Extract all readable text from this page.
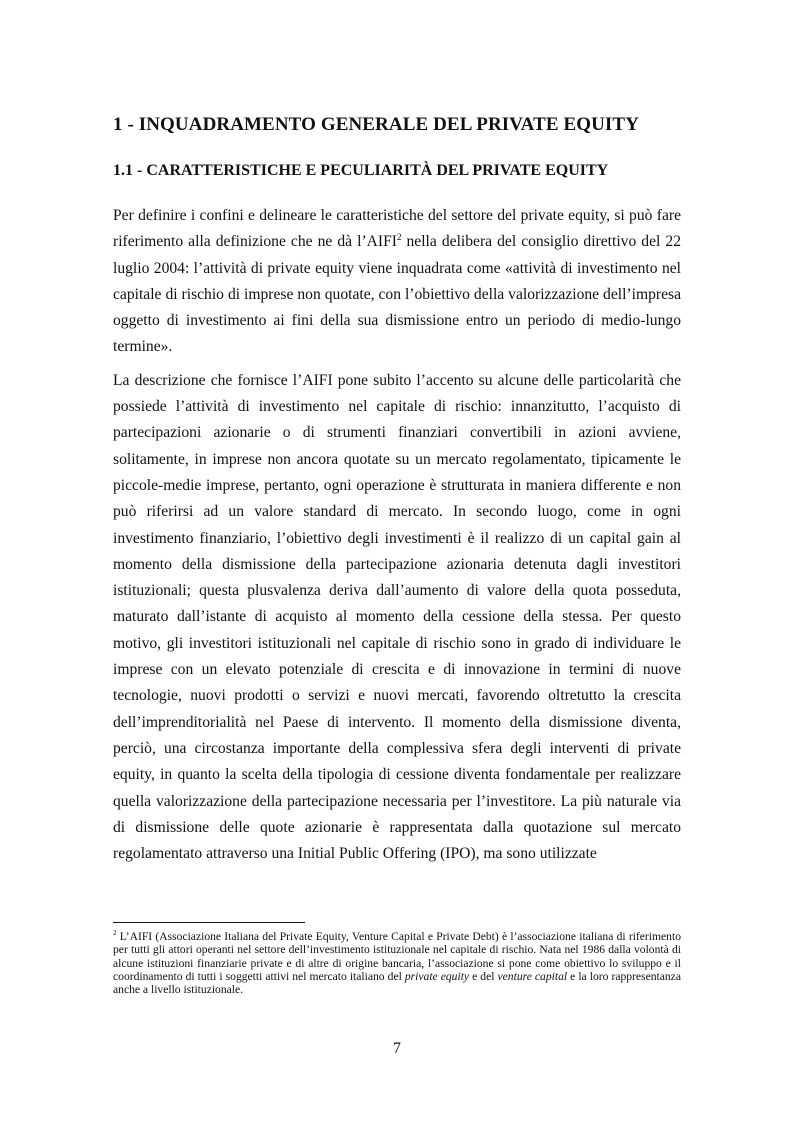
1 - INQUADRAMENTO GENERALE DEL PRIVATE EQUITY
1.1 - CARATTERISTICHE E PECULIARITÀ DEL PRIVATE EQUITY

Per definire i confini e delineare le caratteristiche del settore del private equity, si può fare riferimento alla definizione che ne dà l’AIFI$^2$ nella delibera del consiglio direttivo del 22 luglio 2004: l’attività di private equity viene inquadrata come «attività di investimento nel capitale di rischio di imprese non quotate, con l’obiettivo della valorizzazione dell’impresa oggetto di investimento ai fini della sua dismissione entro un periodo di medio-lungo termine».

La descrizione che fornisce l’AIFI pone subito l’accento su alcune delle particolarità che possiede l’attività di investimento nel capitale di rischio: innanzitutto, l’acquisto di partecipazioni azionarie o di strumenti finanziari convertibili in azioni avviene, solitamente, in imprese non ancora quotate su un mercato regolamentato, tipicamente le piccole-medie imprese, pertanto, ogni operazione è strutturata in maniera differente e non può riferirsi ad un valore standard di mercato. In secondo luogo, come in ogni investimento finanziario, l’obiettivo degli investimenti è il realizzo di un capital gain al momento della dismissione della partecipazione azionaria detenuta dagli investitori istituzionali; questa plusvalenza deriva dall’aumento di valore della quota posseduta, maturato dall’istante di acquisto al momento della cessione della stessa. Per questo motivo, gli investitori istituzionali nel capitale di rischio sono in grado di individuare le imprese con un elevato potenziale di crescita e di innovazione in termini di nuove tecnologie, nuovi prodotti o servizi e nuovi mercati, favorendo oltretutto la crescita dell’imprenditorialità nel Paese di intervento. Il momento della dismissione diventa, perciò, una circostanza importante della complessiva sfera degli interventi di private equity, in quanto la scelta della tipologia di cessione diventa fondamentale per realizzare quella valorizzazione della partecipazione necessaria per l’investitore. La più naturale via di dismissione delle quote azionarie è rappresentata dalla quotazione sul mercato regolamentato attraverso una Initial Public Offering (IPO), ma sono utilizzate

$^2$ L’AIFI (Associazione Italiana del Private Equity, Venture Capital e Private Debt) è l’associazione italiana di riferimento per tutti gli attori operanti nel settore dell’investimento istituzionale nel capitale di rischio. Nata nel 1986 dalla volontà di alcune istituzioni finanziarie private e di altre di origine bancaria, l’associazione si pone come obiettivo lo sviluppo e il coordinamento di tutti i soggetti attivi nel mercato italiano del private equity e del venture capital e la loro rappresentanza anche a livello istituzionale.

7
